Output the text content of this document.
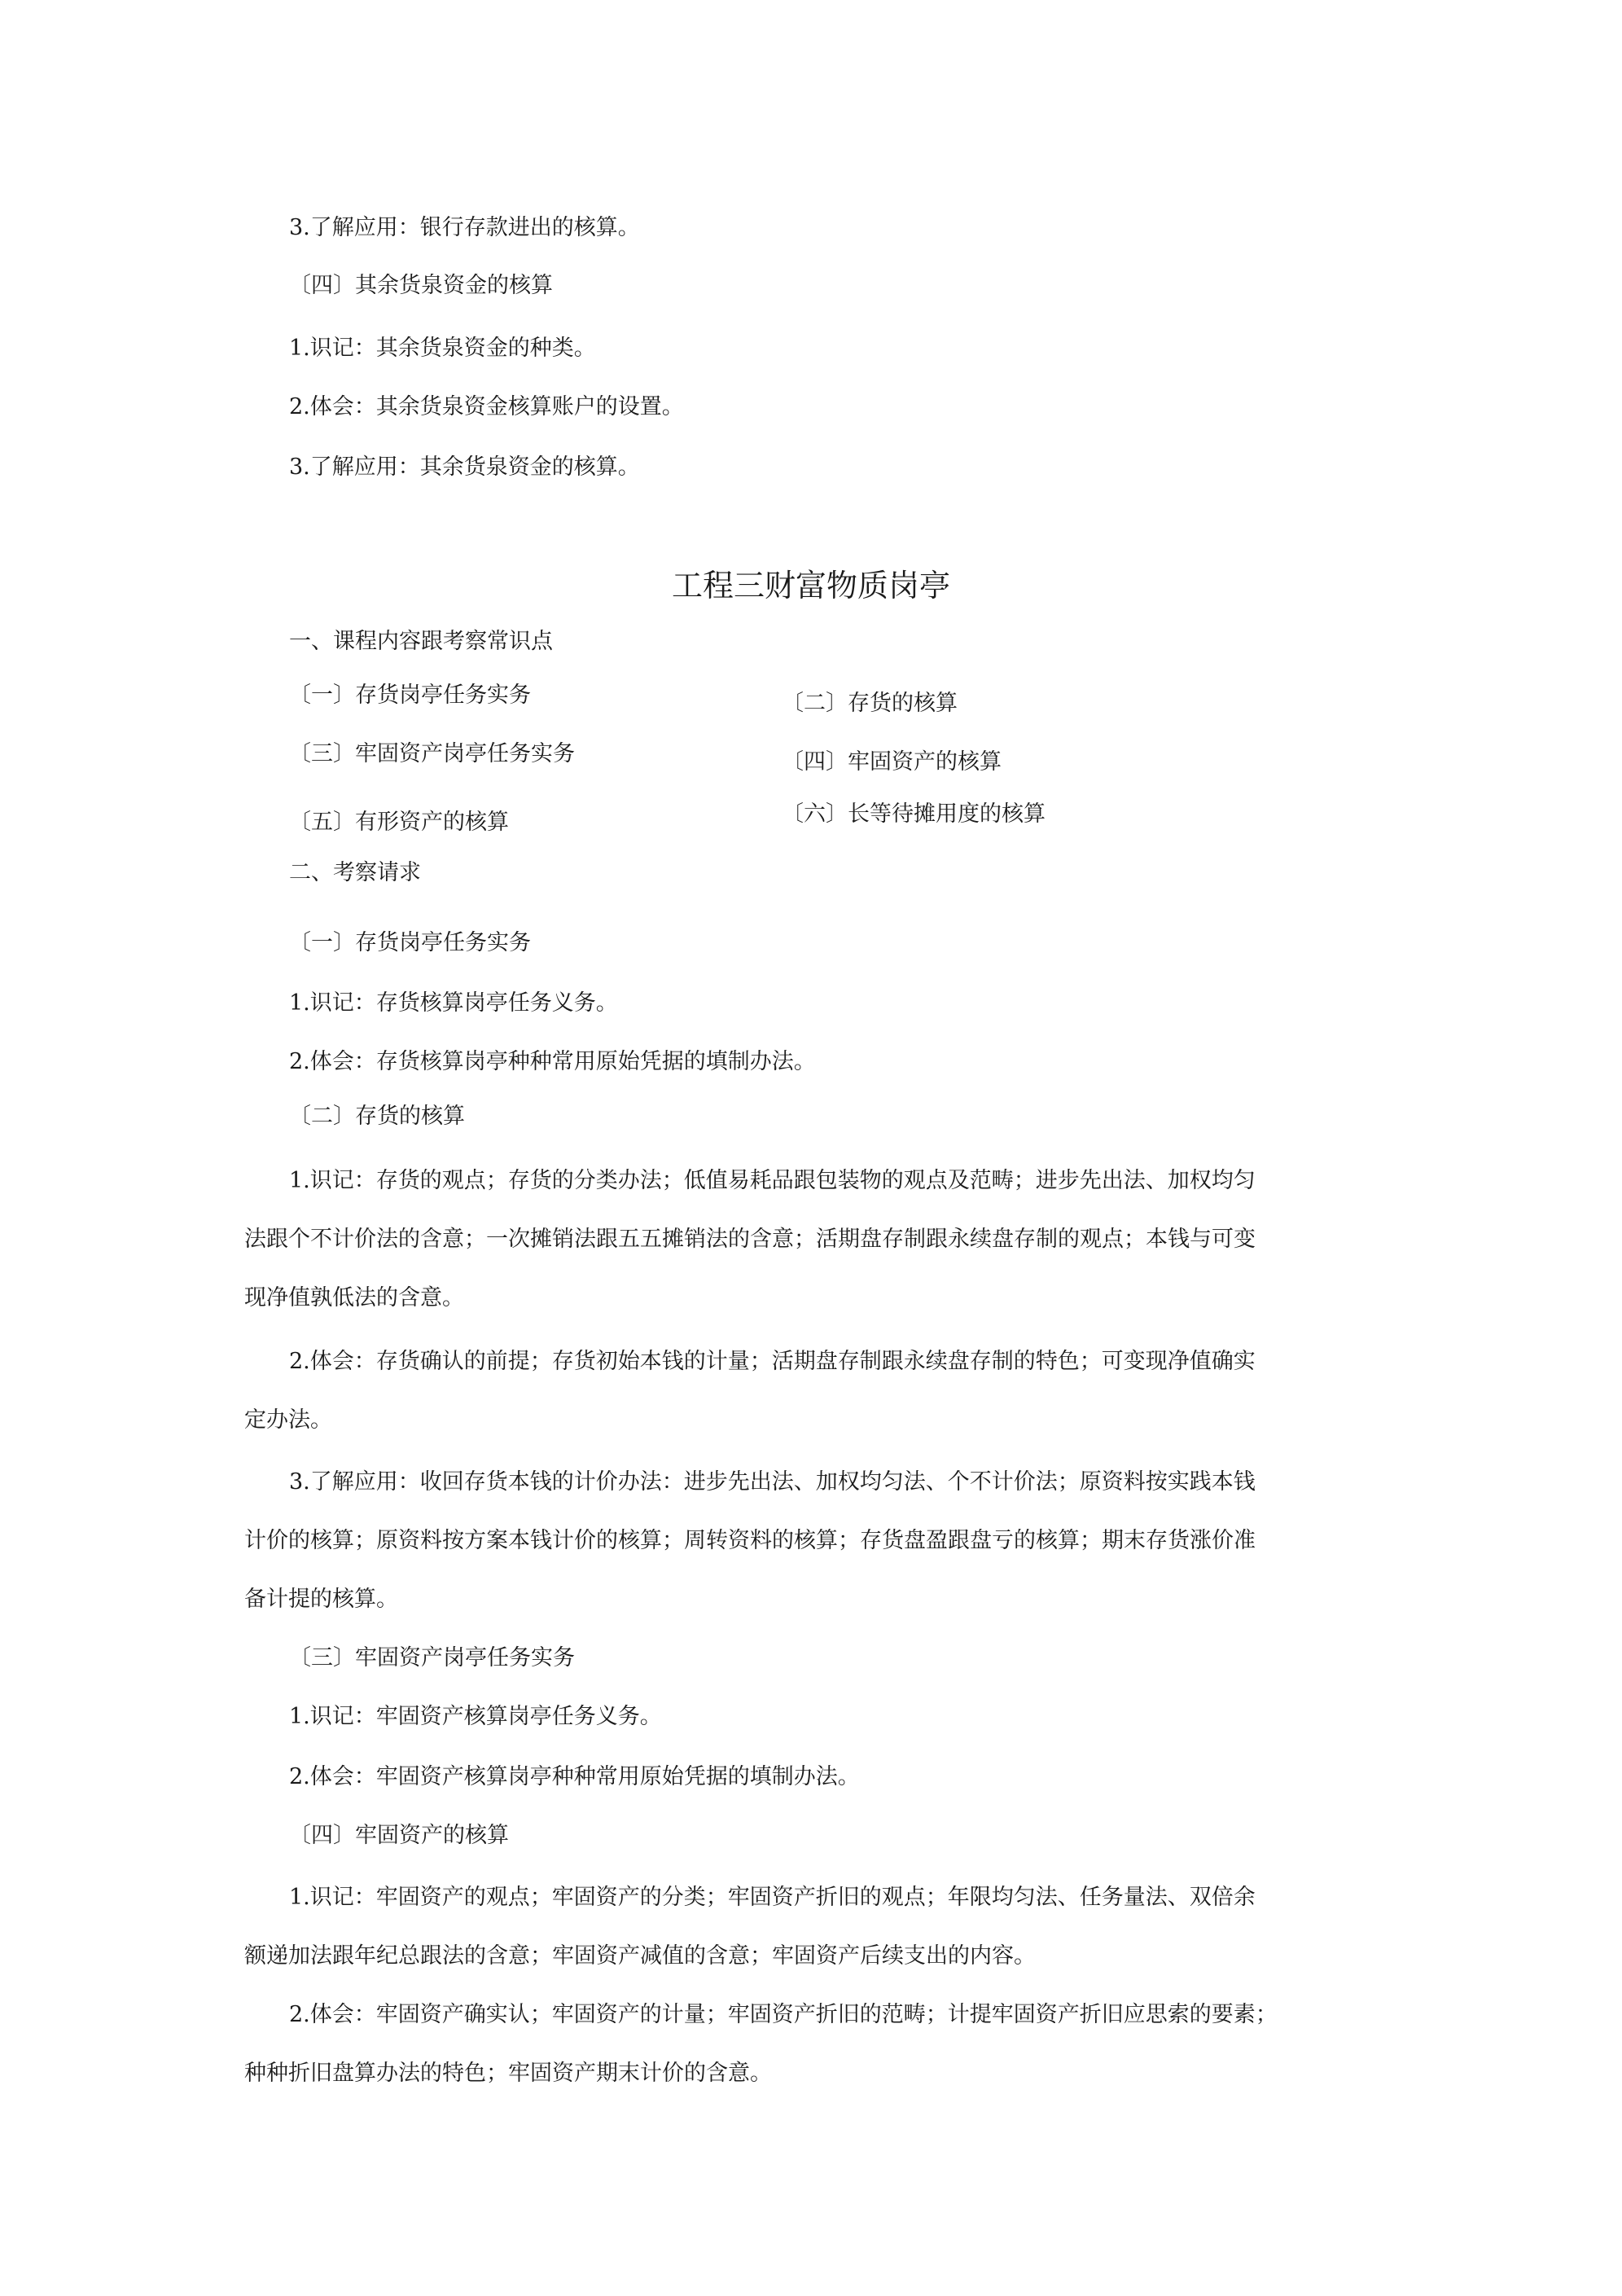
3.了解应用：银行存款进出的核算。
〔四〕其余货泉资金的核算
1.识记：其余货泉资金的种类。
2.体会：其余货泉资金核算账户的设置。
3.了解应用：其余货泉资金的核算。
工程三财富物质岗亭
一、课程内容跟考察常识点
〔一〕存货岗亭任务实务	〔二〕存货的核算
〔三〕牢固资产岗亭任务实务	〔四〕牢固资产的核算
〔六〕长等待摊用度的核算
〔五〕有形资产的核算
二、考察请求
〔一〕存货岗亭任务实务
1.识记：存货核算岗亭任务义务。
2.体会：存货核算岗亭种种常用原始凭据的填制办法。
〔二〕存货的核算
1.识记：存货的观点；存货的分类办法；低值易耗品跟包装物的观点及范畴；进步先出法、加权均匀
法跟个不计价法的含意；一次摊销法跟五五摊销法的含意；活期盘存制跟永续盘存制的观点；本钱与可变
现净值孰低法的含意。
2.体会：存货确认的前提；存货初始本钱的计量；活期盘存制跟永续盘存制的特色；可变现净值确实
定办法。
3.了解应用：收回存货本钱的计价办法：进步先出法、加权均匀法、个不计价法；原资料按实践本钱
计价的核算；原资料按方案本钱计价的核算；周转资料的核算；存货盘盈跟盘亏的核算；期末存货涨价准
备计提的核算。
〔三〕牢固资产岗亭任务实务
1.识记：牢固资产核算岗亭任务义务。
2.体会：牢固资产核算岗亭种种常用原始凭据的填制办法。
〔四〕牢固资产的核算
1.识记：牢固资产的观点；牢固资产的分类；牢固资产折旧的观点；年限均匀法、任务量法、双倍余
额递加法跟年纪总跟法的含意；牢固资产减值的含意；牢固资产后续支出的内容。
2.体会：牢固资产确实认；牢固资产的计量；牢固资产折旧的范畴；计提牢固资产折旧应思索的要素；
种种折旧盘算办法的特色；牢固资产期末计价的含意。
